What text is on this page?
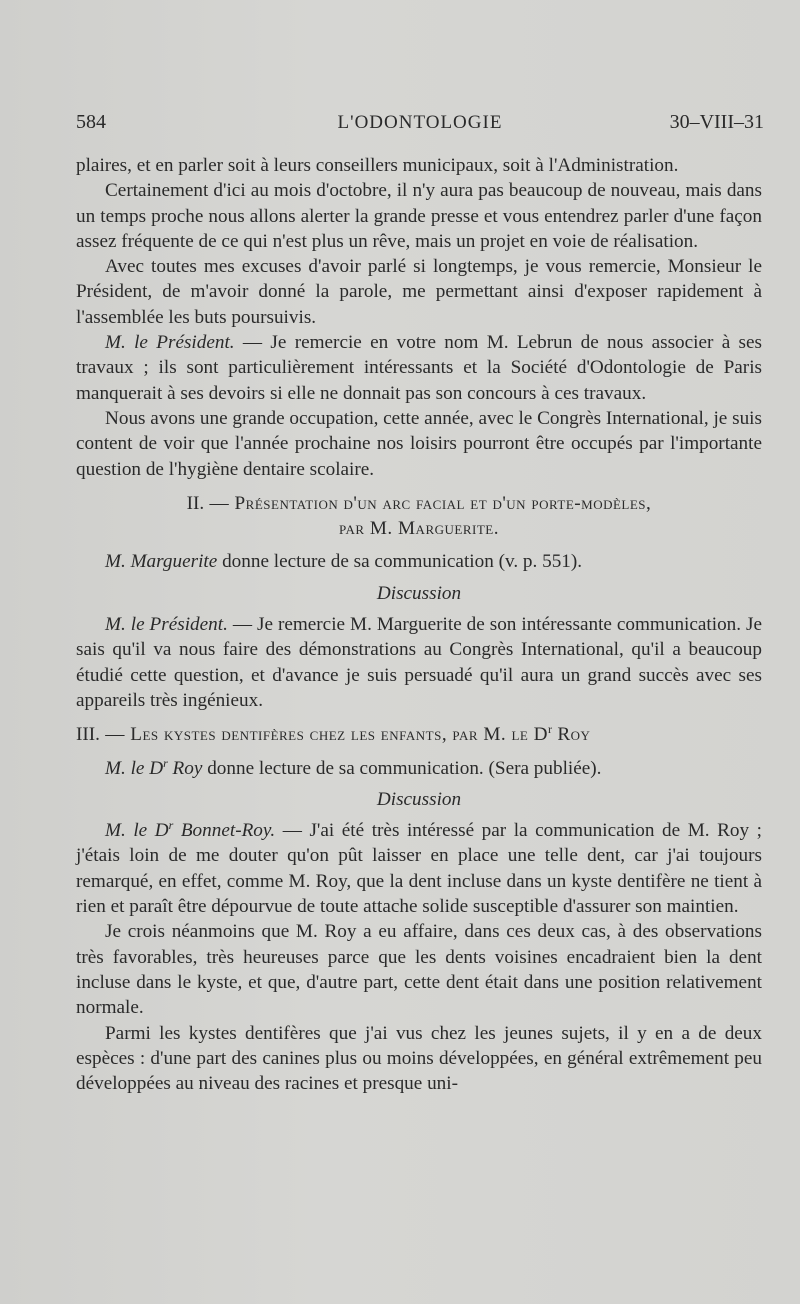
584	L'ODONTOLOGIE	30–VIII–31

plaires, et en parler soit à leurs conseillers municipaux, soit à l'Administration.

Certainement d'ici au mois d'octobre, il n'y aura pas beaucoup de nouveau, mais dans un temps proche nous allons alerter la grande presse et vous entendrez parler d'une façon assez fréquente de ce qui n'est plus un rêve, mais un projet en voie de réalisation.

Avec toutes mes excuses d'avoir parlé si longtemps, je vous remercie, Monsieur le Président, de m'avoir donné la parole, me permettant ainsi d'exposer rapidement à l'assemblée les buts poursuivis.

M. le Président. — Je remercie en votre nom M. Lebrun de nous associer à ses travaux ; ils sont particulièrement intéressants et la Société d'Odontologie de Paris manquerait à ses devoirs si elle ne donnait pas son concours à ces travaux.

Nous avons une grande occupation, cette année, avec le Congrès International, je suis content de voir que l'année prochaine nos loisirs pourront être occupés par l'importante question de l'hygiène dentaire scolaire.

II. — Présentation d'un arc facial et d'un porte-modèles,
par M. Marguerite.

M. Marguerite donne lecture de sa communication (v. p. 551).

Discussion

M. le Président. — Je remercie M. Marguerite de son intéressante communication. Je sais qu'il va nous faire des démonstrations au Congrès International, qu'il a beaucoup étudié cette question, et d'avance je suis persuadé qu'il aura un grand succès avec ses appareils très ingénieux.

III. — Les kystes dentifères chez les enfants, par M. le $D^r$ Roy

M. le $D^r$ Roy donne lecture de sa communication. (Sera publiée).

Discussion

M. le $D^r$ Bonnet-Roy. — J'ai été très intéressé par la communication de M. Roy ; j'étais loin de me douter qu'on pût laisser en place une telle dent, car j'ai toujours remarqué, en effet, comme M. Roy, que la dent incluse dans un kyste dentifère ne tient à rien et paraît être dépourvue de toute attache solide susceptible d'assurer son maintien.

Je crois néanmoins que M. Roy a eu affaire, dans ces deux cas, à des observations très favorables, très heureuses parce que les dents voisines encadraient bien la dent incluse dans le kyste, et que, d'autre part, cette dent était dans une position relativement normale.

Parmi les kystes dentifères que j'ai vus chez les jeunes sujets, il y en a de deux espèces : d'une part des canines plus ou moins développées, en général extrêmement peu développées au niveau des racines et presque uni-
